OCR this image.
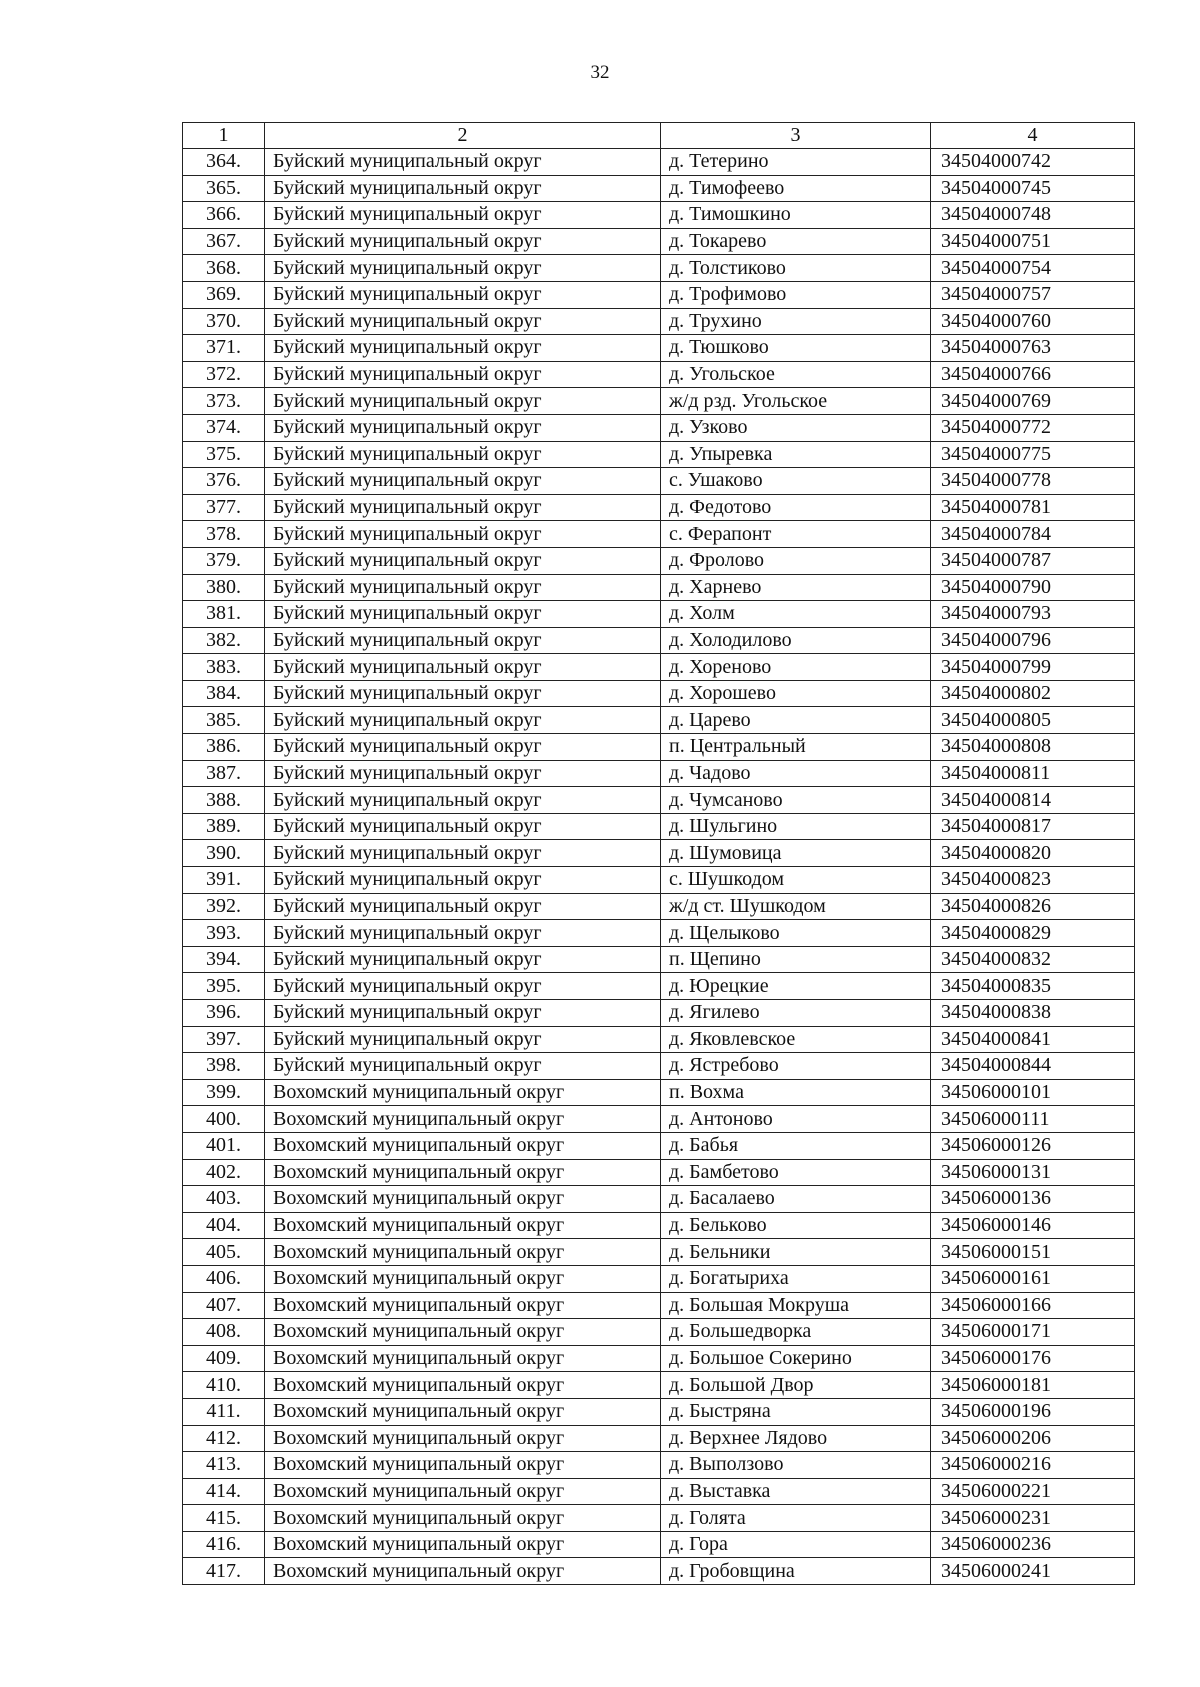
32
1	2	3	4
364.	Буйский муниципальный округ	д. Тетерино	34504000742
365.	Буйский муниципальный округ	д. Тимофеево	34504000745
366.	Буйский муниципальный округ	д. Тимошкино	34504000748
367.	Буйский муниципальный округ	д. Токарево	34504000751
368.	Буйский муниципальный округ	д. Толстиково	34504000754
369.	Буйский муниципальный округ	д. Трофимово	34504000757
370.	Буйский муниципальный округ	д. Трухино	34504000760
371.	Буйский муниципальный округ	д. Тюшково	34504000763
372.	Буйский муниципальный округ	д. Угольское	34504000766
373.	Буйский муниципальный округ	ж/д рзд. Угольское	34504000769
374.	Буйский муниципальный округ	д. Узково	34504000772
375.	Буйский муниципальный округ	д. Упыревка	34504000775
376.	Буйский муниципальный округ	с. Ушаково	34504000778
377.	Буйский муниципальный округ	д. Федотово	34504000781
378.	Буйский муниципальный округ	с. Ферапонт	34504000784
379.	Буйский муниципальный округ	д. Фролово	34504000787
380.	Буйский муниципальный округ	д. Харнево	34504000790
381.	Буйский муниципальный округ	д. Холм	34504000793
382.	Буйский муниципальный округ	д. Холодилово	34504000796
383.	Буйский муниципальный округ	д. Хореново	34504000799
384.	Буйский муниципальный округ	д. Хорошево	34504000802
385.	Буйский муниципальный округ	д. Царево	34504000805
386.	Буйский муниципальный округ	п. Центральный	34504000808
387.	Буйский муниципальный округ	д. Чадово	34504000811
388.	Буйский муниципальный округ	д. Чумсаново	34504000814
389.	Буйский муниципальный округ	д. Шульгино	34504000817
390.	Буйский муниципальный округ	д. Шумовица	34504000820
391.	Буйский муниципальный округ	с. Шушкодом	34504000823
392.	Буйский муниципальный округ	ж/д ст. Шушкодом	34504000826
393.	Буйский муниципальный округ	д. Щелыково	34504000829
394.	Буйский муниципальный округ	п. Щепино	34504000832
395.	Буйский муниципальный округ	д. Юрецкие	34504000835
396.	Буйский муниципальный округ	д. Ягилево	34504000838
397.	Буйский муниципальный округ	д. Яковлевское	34504000841
398.	Буйский муниципальный округ	д. Ястребово	34504000844
399.	Вохомский муниципальный округ	п. Вохма	34506000101
400.	Вохомский муниципальный округ	д. Антоново	34506000111
401.	Вохомский муниципальный округ	д. Бабья	34506000126
402.	Вохомский муниципальный округ	д. Бамбетово	34506000131
403.	Вохомский муниципальный округ	д. Басалаево	34506000136
404.	Вохомский муниципальный округ	д. Бельково	34506000146
405.	Вохомский муниципальный округ	д. Бельники	34506000151
406.	Вохомский муниципальный округ	д. Богатыриха	34506000161
407.	Вохомский муниципальный округ	д. Большая Мокруша	34506000166
408.	Вохомский муниципальный округ	д. Большедворка	34506000171
409.	Вохомский муниципальный округ	д. Большое Сокерино	34506000176
410.	Вохомский муниципальный округ	д. Большой Двор	34506000181
411.	Вохомский муниципальный округ	д. Быстряна	34506000196
412.	Вохомский муниципальный округ	д. Верхнее Лядово	34506000206
413.	Вохомский муниципальный округ	д. Выползово	34506000216
414.	Вохомский муниципальный округ	д. Выставка	34506000221
415.	Вохомский муниципальный округ	д. Голята	34506000231
416.	Вохомский муниципальный округ	д. Гора	34506000236
417.	Вохомский муниципальный округ	д. Гробовщина	34506000241
